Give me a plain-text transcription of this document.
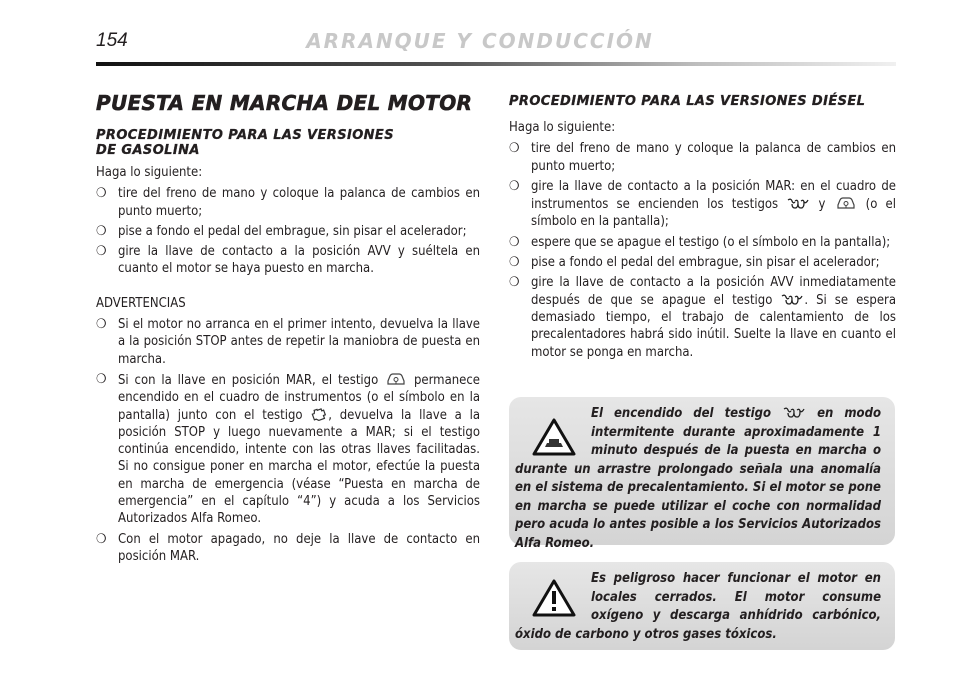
154	ARRANQUE Y CONDUCCIÓN
PUESTA EN MARCHA DEL MOTOR
PROCEDIMIENTO PARA LAS VERSIONES
DE GASOLINA

Haga lo siguiente:

❍ tire del freno de mano y coloque la palanca de cambios en punto muerto;
❍ pise a fondo el pedal del embrague, sin pisar el acelerador;
❍ gire la llave de contacto a la posición AVV y suéltela en cuanto el motor se haya puesto en marcha.

ADVERTENCIAS

❍ Si el motor no arranca en el primer intento, devuelva la llave a la posición STOP antes de repetir la maniobra de puesta en marcha.
❍ Si con la llave en posición MAR, el testigo	permanece encendido en el cuadro de instrumentos (o el símbolo en la pantalla) junto con el testigo , devuelva la llave a la posición STOP y luego nuevamente a MAR; si el testigo continúa encendido, intente con las otras llaves facilitadas. Si no consigue poner en marcha el motor, efectúe la puesta en marcha de emergencia (véase “Puesta en marcha de emergencia” en el capítulo “4”) y acuda a los Servicios Autorizados Alfa Romeo.
❍ Con el motor apagado, no deje la llave de contacto en posición MAR.
PROCEDIMIENTO PARA LAS VERSIONES DIÉSEL

Haga lo siguiente:

❍ tire del freno de mano y coloque la palanca de cambios en punto muerto;
❍ gire la llave de contacto a la posición MAR: en el cuadro de instrumentos se encienden los testigos	y	(o el símbolo en la pantalla);
❍ espere que se apague el testigo (o el símbolo en la pantalla);
❍ pise a fondo el pedal del embrague, sin pisar el acelerador;
❍ gire la llave de contacto a la posición AVV inmediatamente después de que se apague el testigo . Si se espera demasiado tiempo, el trabajo de calentamiento de los precalentadores habrá sido inútil. Suelte la llave en cuanto el motor se ponga en marcha.
El encendido del testigo	en modo intermitente durante aproximadamente 1 minuto después de la puesta en marcha o durante un arrastre prolongado señala una anomalía en el sistema de precalentamiento. Si el motor se pone en marcha se puede utilizar el coche con normalidad pero acuda lo antes posible a los Servicios Autorizados Alfa Romeo.
Es peligroso hacer funcionar el motor en locales cerrados. El motor consume oxígeno y descarga anhídrido carbónico, óxido de carbono y otros gases tóxicos.
